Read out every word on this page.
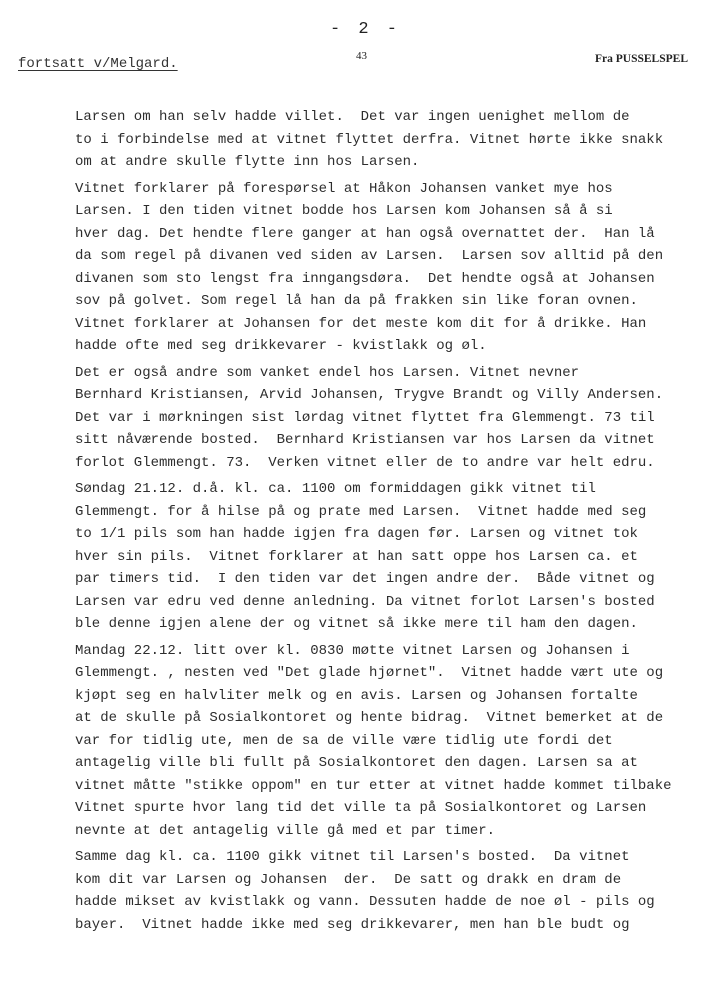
- 2 -
43	Fra PUSSELSPEL
fortsatt v/Melgard.
Larsen om han selv hadde villet.  Det var ingen uenighet mellom de
to i forbindelse med at vitnet flyttet derfra. Vitnet hørte ikke snakk
om at andre skulle flytte inn hos Larsen.
Vitnet forklarer på forespørsel at Håkon Johansen vanket mye hos
Larsen. I den tiden vitnet bodde hos Larsen kom Johansen så å si
hver dag. Det hendte flere ganger at han også overnattet der.  Han lå
da som regel på divanen ved siden av Larsen.  Larsen sov alltid på den
divanen som sto lengst fra inngangsdøra.  Det hendte også at Johansen
sov på golvet. Som regel lå han da på frakken sin like foran ovnen.
Vitnet forklarer at Johansen for det meste kom dit for å drikke. Han
hadde ofte med seg drikkevarer - kvistlakk og øl.
Det er også andre som vanket endel hos Larsen. Vitnet nevner
Bernhard Kristiansen, Arvid Johansen, Trygve Brandt og Villy Andersen.
Det var i mørkningen sist lørdag vitnet flyttet fra Glemmengt. 73 til
sitt nåværende bosted.  Bernhard Kristiansen var hos Larsen da vitnet
forlot Glemmengt. 73.  Verken vitnet eller de to andre var helt edru.
Søndag 21.12. d.å. kl. ca. 1100 om formiddagen gikk vitnet til
Glemmengt. for å hilse på og prate med Larsen.  Vitnet hadde med seg
to 1/1 pils som han hadde igjen fra dagen før. Larsen og vitnet tok
hver sin pils.  Vitnet forklarer at han satt oppe hos Larsen ca. et
par timers tid.  I den tiden var det ingen andre der.  Både vitnet og
Larsen var edru ved denne anledning. Da vitnet forlot Larsen's bosted
ble denne igjen alene der og vitnet så ikke mere til ham den dagen.
Mandag 22.12. litt over kl. 0830 møtte vitnet Larsen og Johansen i
Glemmengt. , nesten ved "Det glade hjørnet".  Vitnet hadde vært ute og
kjøpt seg en halvliter melk og en avis. Larsen og Johansen fortalte
at de skulle på Sosialkontoret og hente bidrag.  Vitnet bemerket at de
var for tidlig ute, men de sa de ville være tidlig ute fordi det
antagelig ville bli fullt på Sosialkontoret den dagen. Larsen sa at
vitnet måtte "stikke oppom" en tur etter at vitnet hadde kommet tilbake
Vitnet spurte hvor lang tid det ville ta på Sosialkontoret og Larsen
nevnte at det antagelig ville gå med et par timer.
Samme dag kl. ca. 1100 gikk vitnet til Larsen's bosted.  Da vitnet
kom dit var Larsen og Johansen  der.  De satt og drakk en dram de
hadde mikset av kvistlakk og vann. Dessuten hadde de noe øl - pils og
bayer.  Vitnet hadde ikke med seg drikkevarer, men han ble budt og
